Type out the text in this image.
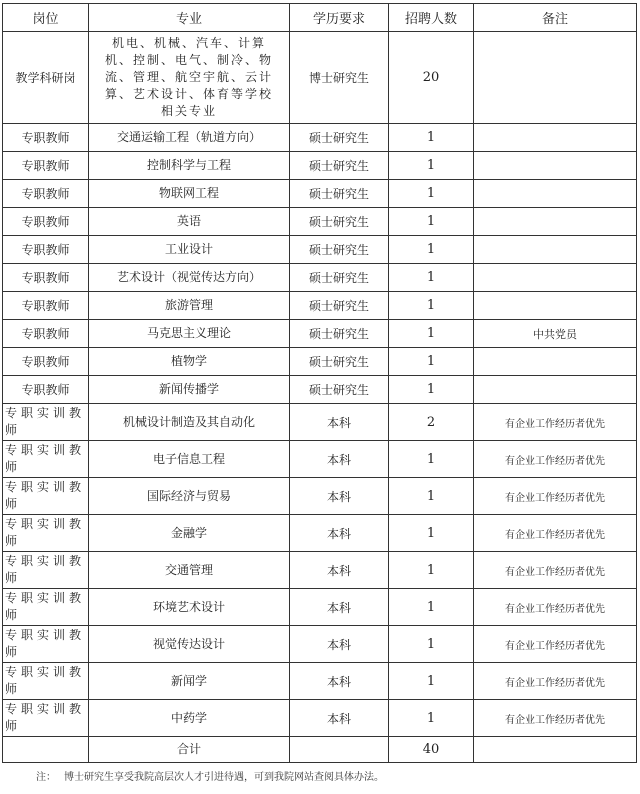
岗位	专业	学历要求	招聘人数	备注
教学科研岗	机电、机械、汽车、计算机、控制、电气、制冷、物流、管理、航空宇航、云计算、艺术设计、体育等学校相关专业	博士研究生	20	
专职教师	交通运输工程（轨道方向）	硕士研究生	1	
专职教师	控制科学与工程	硕士研究生	1	
专职教师	物联网工程	硕士研究生	1	
专职教师	英语	硕士研究生	1	
专职教师	工业设计	硕士研究生	1	
专职教师	艺术设计（视觉传达方向）	硕士研究生	1	
专职教师	旅游管理	硕士研究生	1	
专职教师	马克思主义理论	硕士研究生	1	中共党员
专职教师	植物学	硕士研究生	1	
专职教师	新闻传播学	硕士研究生	1	
专职实训教师	机械设计制造及其自动化	本科	2	有企业工作经历者优先
专职实训教师	电子信息工程	本科	1	有企业工作经历者优先
专职实训教师	国际经济与贸易	本科	1	有企业工作经历者优先
专职实训教师	金融学	本科	1	有企业工作经历者优先
专职实训教师	交通管理	本科	1	有企业工作经历者优先
专职实训教师	环境艺术设计	本科	1	有企业工作经历者优先
专职实训教师	视觉传达设计	本科	1	有企业工作经历者优先
专职实训教师	新闻学	本科	1	有企业工作经历者优先
专职实训教师	中药学	本科	1	有企业工作经历者优先
	合计		40	
注： 博士研究生享受我院高层次人才引进待遇，可到我院网站查阅具体办法。
